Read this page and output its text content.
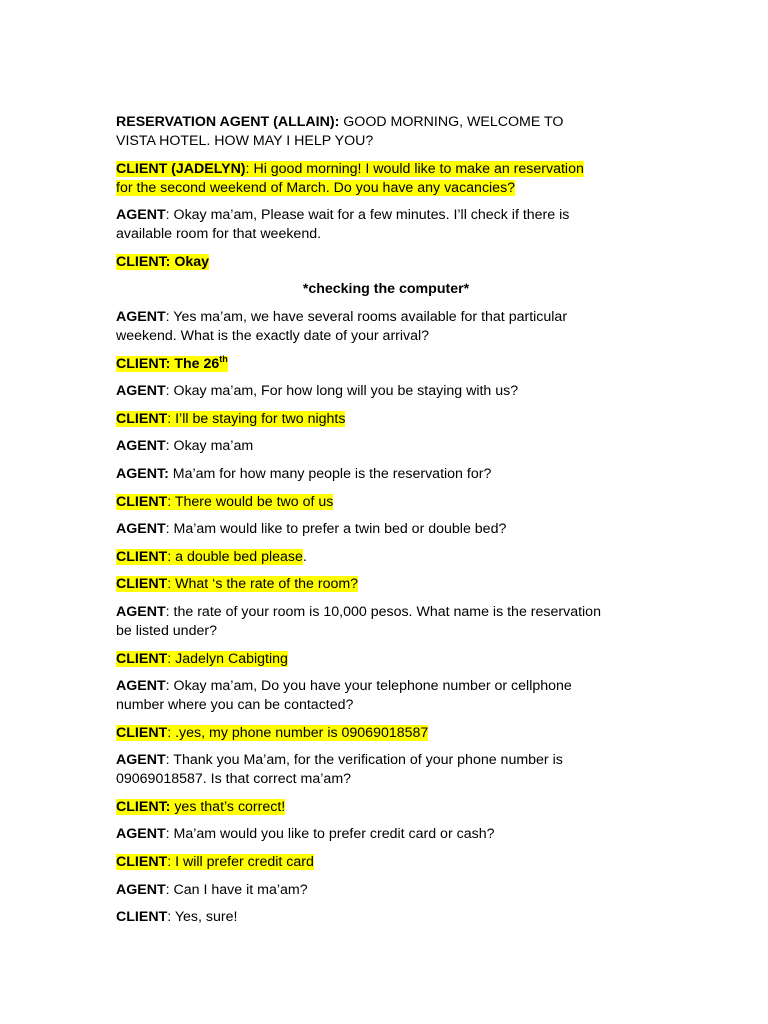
RESERVATION AGENT (ALLAIN): GOOD MORNING, WELCOME TO
VISTA HOTEL. HOW MAY I HELP YOU?

CLIENT (JADELYN): Hi good morning! I would like to make an reservation
for the second weekend of March. Do you have any vacancies?

AGENT: Okay ma’am, Please wait for a few minutes. I’ll check if there is
available room for that weekend.

CLIENT: Okay

*checking the computer*

AGENT: Yes ma’am, we have several rooms available for that particular
weekend. What is the exactly date of your arrival?

CLIENT: The 26th

AGENT: Okay ma’am, For how long will you be staying with us?

CLIENT: I’ll be staying for two nights

AGENT: Okay ma’am

AGENT: Ma’am for how many people is the reservation for?

CLIENT: There would be two of us

AGENT: Ma’am would like to prefer a twin bed or double bed?

CLIENT: a double bed please.

CLIENT: What ‘s the rate of the room?

AGENT: the rate of your room is 10,000 pesos. What name is the reservation
be listed under?

CLIENT: Jadelyn Cabigting

AGENT: Okay ma’am, Do you have your telephone number or cellphone
number where you can be contacted?

CLIENT: .yes, my phone number is 09069018587

AGENT: Thank you Ma’am, for the verification of your phone number is
09069018587. Is that correct ma’am?

CLIENT: yes that’s correct!

AGENT: Ma’am would you like to prefer credit card or cash?

CLIENT: I will prefer credit card

AGENT: Can I have it ma’am?

CLIENT: Yes, sure!
